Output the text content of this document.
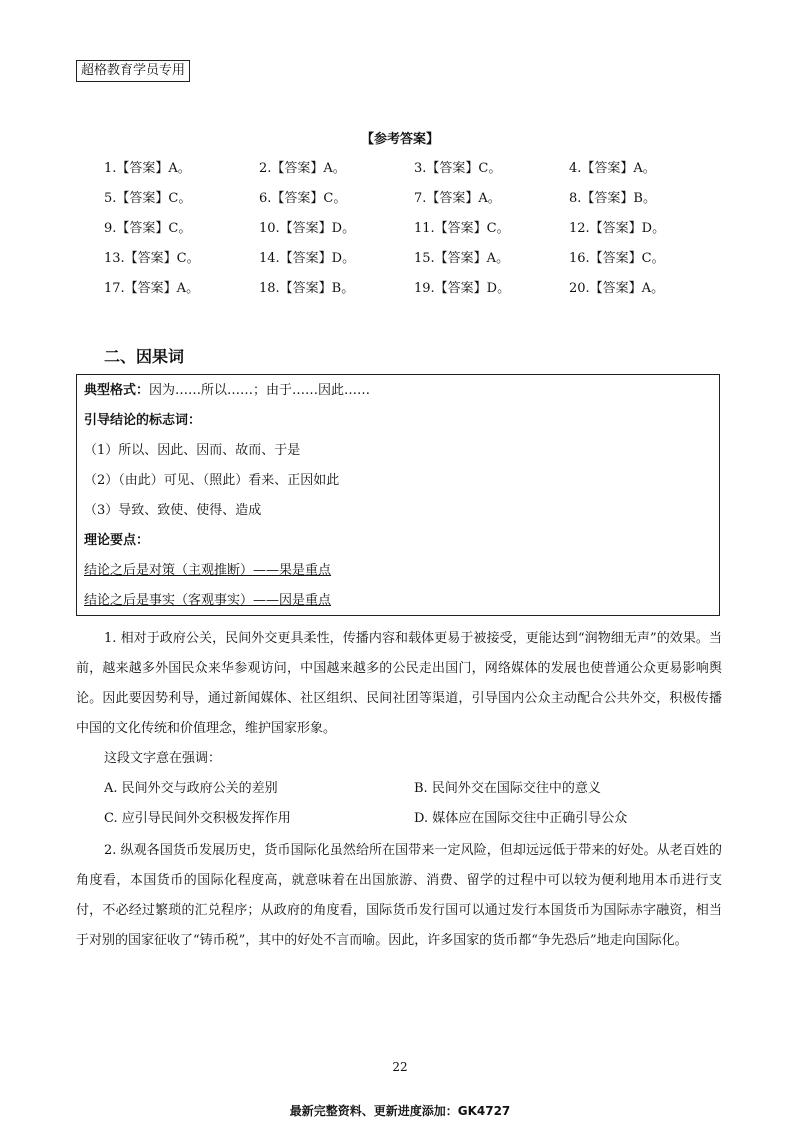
超格教育学员专用
【参考答案】
1.【答案】A。	2.【答案】A。	3.【答案】C。	4.【答案】A。
5.【答案】C。	6.【答案】C。	7.【答案】A。	8.【答案】B。
9.【答案】C。	10.【答案】D。	11.【答案】C。	12.【答案】D。
13.【答案】C。	14.【答案】D。	15.【答案】A。	16.【答案】C。
17.【答案】A。	18.【答案】B。	19.【答案】D。	20.【答案】A。
二、因果词
典型格式：因为……所以……；由于……因此……
引导结论的标志词：
（1）所以、因此、因而、故而、于是
（2）（由此）可见、（照此）看来、正因如此
（3）导致、致使、使得、造成
理论要点：
结论之后是对策（主观推断）——果是重点
结论之后是事实（客观事实）——因是重点
1. 相对于政府公关，民间外交更具柔性，传播内容和载体更易于被接受，更能达到“润物细无声”的效果。当前，越来越多外国民众来华参观访问，中国越来越多的公民走出国门，网络媒体的发展也使普通公众更易影响舆论。因此要因势利导，通过新闻媒体、社区组织、民间社团等渠道，引导国内公众主动配合公共外交，积极传播中国的文化传统和价值理念，维护国家形象。
这段文字意在强调：
A. 民间外交与政府公关的差别	B. 民间外交在国际交往中的意义
C. 应引导民间外交积极发挥作用	D. 媒体应在国际交往中正确引导公众
2. 纵观各国货币发展历史，货币国际化虽然给所在国带来一定风险，但却远远低于带来的好处。从老百姓的角度看，本国货币的国际化程度高，就意味着在出国旅游、消费、留学的过程中可以较为便利地用本币进行支付，不必经过繁琐的汇兑程序；从政府的角度看，国际货币发行国可以通过发行本国货币为国际赤字融资，相当于对别的国家征收了“铸币税”，其中的好处不言而喻。因此，许多国家的货币都“争先恐后”地走向国际化。
22
最新完整资料、更新进度添加：GK4727
